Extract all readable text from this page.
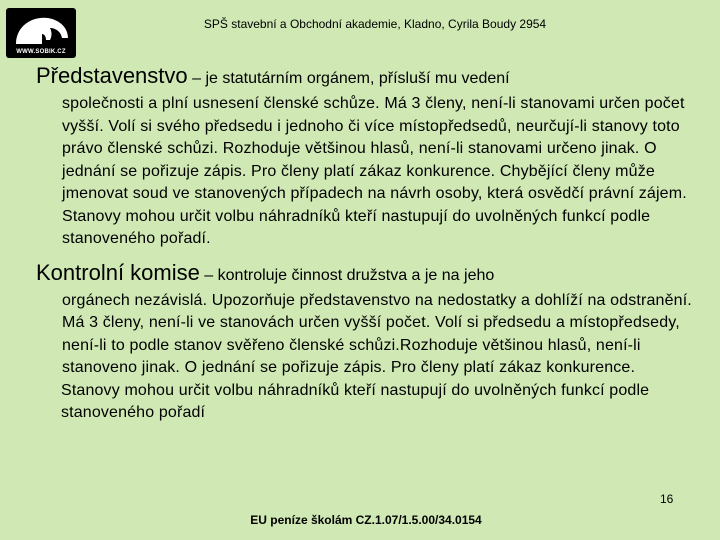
WWW.SOBIK.CZ
SPŠ stavební a Obchodní akademie, Kladno, Cyrila Boudy 2954
Představenstvo – je statutárním orgánem, přísluší mu vedení
společnosti a plní usnesení členské schůze. Má 3 členy, není-li stanovami určen počet vyšší. Volí si svého předsedu i jednoho či více místopředsedů, neurčují-li stanovy toto právo členské schůzi. Rozhoduje většinou hlasů, není-li stanovami určeno jinak. O jednání se pořizuje zápis. Pro členy platí zákaz konkurence. Chybějící členy může jmenovat soud ve stanovených případech na návrh osoby, která osvědčí právní zájem. Stanovy mohou určit volbu náhradníků kteří nastupují do uvolněných funkcí podle stanoveného pořadí.
Kontrolní komise – kontroluje činnost družstva a je na jeho
orgánech nezávislá. Upozorňuje představenstvo na nedostatky a dohlíží na odstranění. Má 3 členy, není-li ve stanovách určen vyšší počet. Volí si předsedu a místopředsedy, není-li to podle stanov svěřeno členské schůzi.Rozhoduje většinou hlasů, není-li stanoveno jinak. O jednání se pořizuje zápis. Pro členy platí zákaz konkurence.
Stanovy mohou určit volbu náhradníků kteří nastupují do uvolněných funkcí podle stanoveného pořadí
16
EU peníze školám CZ.1.07/1.5.00/34.0154
